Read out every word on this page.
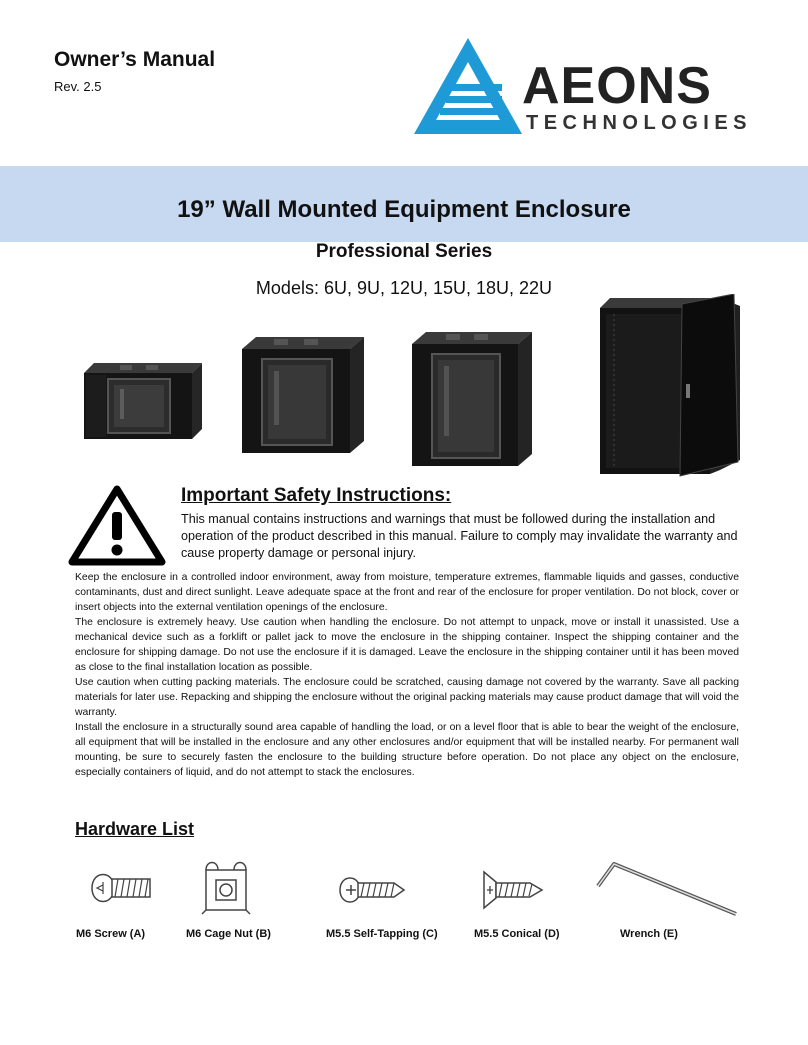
Owner’s Manual
Rev. 2.5	AEONS
TECHNOLOGIES
19” Wall Mounted Equipment Enclosure
Professional Series
Models: 6U, 9U, 12U, 15U, 18U, 22U
Important Safety Instructions:
This manual contains instructions and warnings that must be followed during the installation and operation of the product described in this manual. Failure to comply may invalidate the warranty and cause property damage or personal injury.

Keep the enclosure in a controlled indoor environment, away from moisture, temperature extremes, flammable liquids and gasses, conductive contaminants, dust and direct sunlight. Leave adequate space at the front and rear of the enclosure for proper ventilation. Do not block, cover or insert objects into the external ventilation openings of the enclosure.

The enclosure is extremely heavy. Use caution when handling the enclosure. Do not attempt to unpack, move or install it unassisted. Use a mechanical device such as a forklift or pallet jack to move the enclosure in the shipping container. Inspect the shipping container and the enclosure for shipping damage. Do not use the enclosure if it is damaged. Leave the enclosure in the shipping container until it has been moved as close to the final installation location as possible.

Use caution when cutting packing materials. The enclosure could be scratched, causing damage not covered by the warranty. Save all packing materials for later use. Repacking and shipping the enclosure without the original packing materials may cause product damage that will void the warranty.

Install the enclosure in a structurally sound area capable of handling the load, or on a level floor that is able to bear the weight of the enclosure, all equipment that will be installed in the enclosure and any other enclosures and/or equipment that will be installed nearby. For permanent wall mounting, be sure to securely fasten the enclosure to the building structure before operation. Do not place any object on the enclosure, especially containers of liquid, and do not attempt to stack the enclosures.

Hardware List
M6 Screw (A)	M6 Cage Nut (B)	M5.5 Self-Tapping (C)	M5.5 Conical (D)	Wrench (E)
